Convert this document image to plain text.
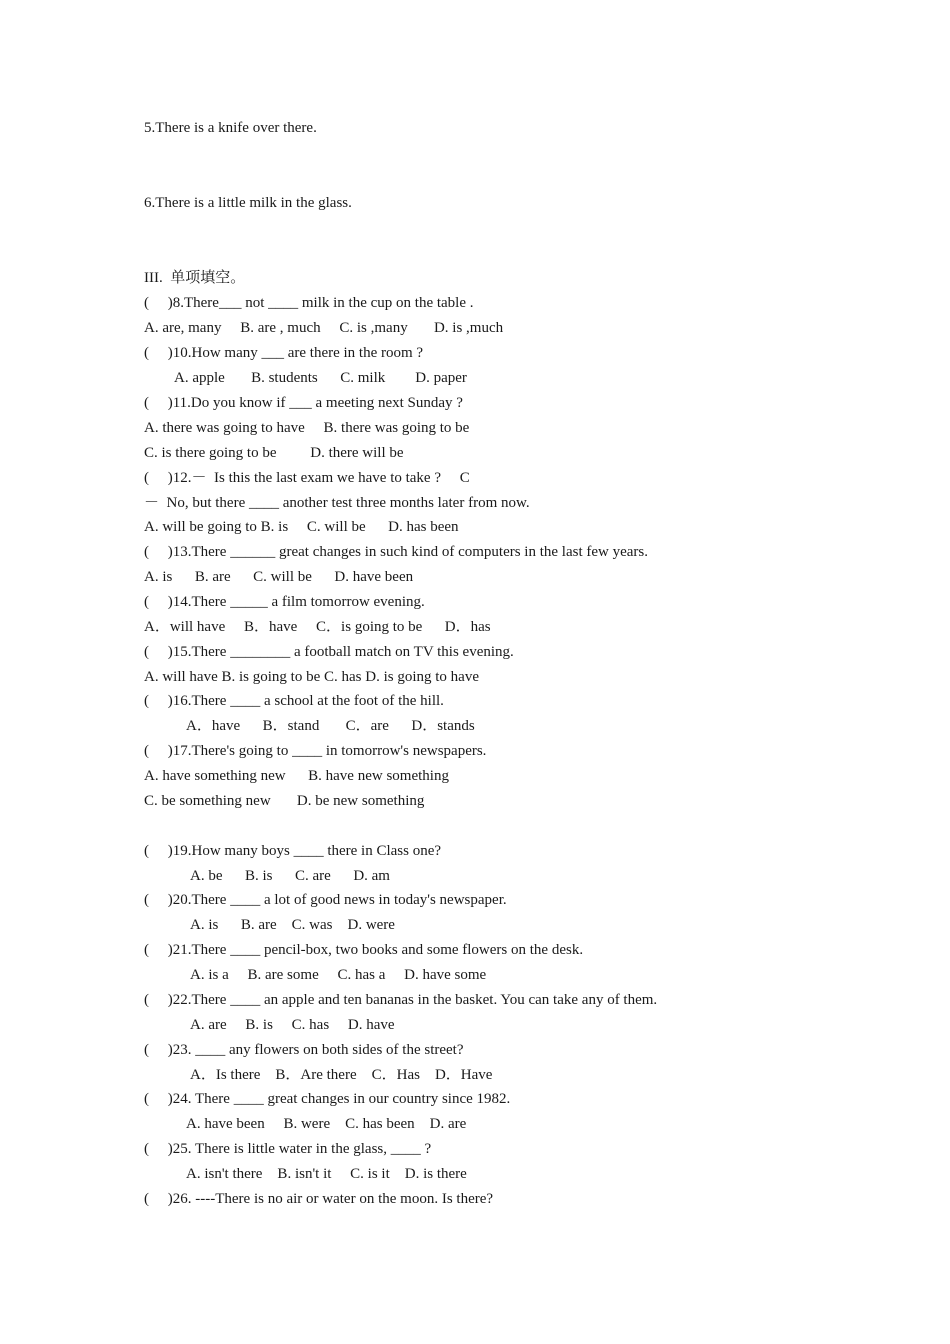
5.There is a knife over there.
6.There is a little milk in the glass.
III.  单项填空。
(     )8.There___ not ____ milk in the cup on the table .
A. are, many     B. are , much     C. is ,many       D. is ,much
(     )10.How many ___ are there in the room ?
A. apple       B. students      C. milk        D. paper
(     )11.Do you know if ___ a meeting next Sunday ?
A. there was going to have     B. there was going to be
C. is there going to be         D. there will be
(     )12.－  Is this the last exam we have to take ?     C
－  No, but there ____ another test three months later from now.
A. will be going to B. is     C. will be      D. has been
(     )13.There ______ great changes in such kind of computers in the last few years.
A. is      B. are      C. will be      D. have been
(     )14.There _____ a film tomorrow evening.
A．will have     B．have     C．is going to be      D．has
(     )15.There ________ a football match on TV this evening.
A. will have B. is going to be C. has D. is going to have
(     )16.There ____ a school at the foot of the hill.
A．have      B．stand       C．are      D．stands
(     )17.There's going to ____ in tomorrow's newspapers.
A. have something new      B. have new something
C. be something new       D. be new something
(     )19.How many boys ____ there in Class one?
A. be      B. is      C. are      D. am
(     )20.There ____ a lot of good news in today's newspaper.
A. is      B. are    C. was    D. were
(     )21.There ____ pencil-box, two books and some flowers on the desk.
A. is a     B. are some     C. has a     D. have some
(     )22.There ____ an apple and ten bananas in the basket. You can take any of them.
A. are     B. is     C. has     D. have
(     )23. ____ any flowers on both sides of the street?
A．Is there    B．Are there    C．Has    D．Have
(     )24. There ____ great changes in our country since 1982.
A. have been     B. were    C. has been    D. are
(     )25. There is little water in the glass, ____ ?
A. isn't there    B. isn't it     C. is it    D. is there
(     )26. ----There is no air or water on the moon. Is there?
